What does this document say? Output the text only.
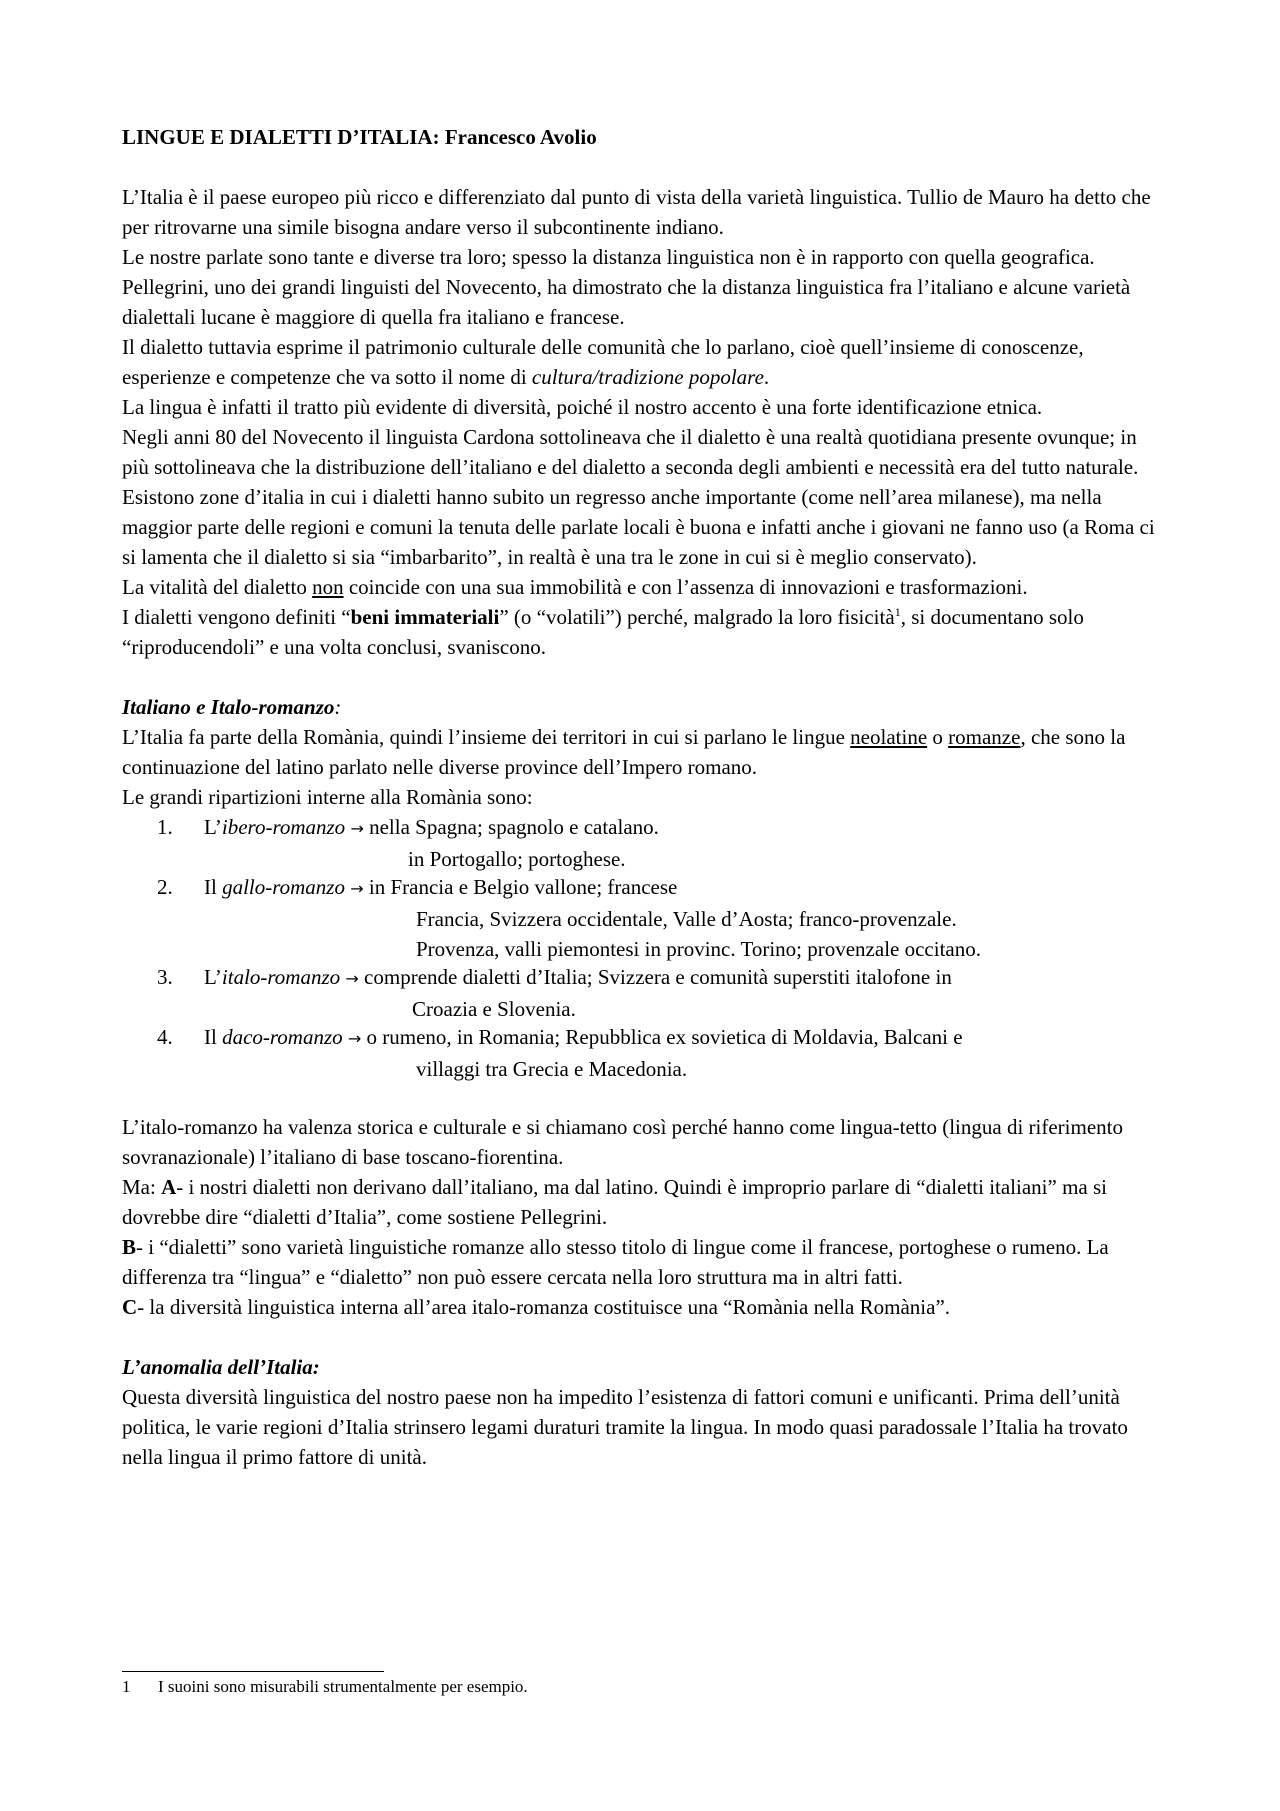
LINGUE E DIALETTI D’ITALIA: Francesco Avolio

L’Italia è il paese europeo più ricco e differenziato dal punto di vista della varietà linguistica. Tullio de Mauro ha detto che per ritrovarne una simile bisogna andare verso il subcontinente indiano.

Le nostre parlate sono tante e diverse tra loro; spesso la distanza linguistica non è in rapporto con quella geografica. Pellegrini, uno dei grandi linguisti del Novecento, ha dimostrato che la distanza linguistica fra l’italiano e alcune varietà dialettali lucane è maggiore di quella fra italiano e francese.

Il dialetto tuttavia esprime il patrimonio culturale delle comunità che lo parlano, cioè quell’insieme di conoscenze, esperienze e competenze che va sotto il nome di cultura/tradizione popolare.

La lingua è infatti il tratto più evidente di diversità, poiché il nostro accento è una forte identificazione etnica.

Negli anni 80 del Novecento il linguista Cardona sottolineava che il dialetto è una realtà quotidiana presente ovunque; in più sottolineava che la distribuzione dell’italiano e del dialetto a seconda degli ambienti e necessità era del tutto naturale.

Esistono zone d’italia in cui i dialetti hanno subito un regresso anche importante (come nell’area milanese), ma nella maggior parte delle regioni e comuni la tenuta delle parlate locali è buona e infatti anche i giovani ne fanno uso (a Roma ci si lamenta che il dialetto si sia “imbarbarito”, in realtà è una tra le zone in cui si è meglio conservato).

La vitalità del dialetto non coincide con una sua immobilità e con l’assenza di innovazioni e trasformazioni.

I dialetti vengono definiti “beni immateriali” (o “volatili”) perché, malgrado la loro fisicità$^1$, si documentano solo “riproducendoli” e una volta conclusi, svaniscono.

Italiano e Italo-romanzo:

L’Italia fa parte della Romània, quindi l’insieme dei territori in cui si parlano le lingue neolatine o romanze, che sono la continuazione del latino parlato nelle diverse province dell’Impero romano.

Le grandi ripartizioni interne alla Romània sono:

1.	L’ibero-romanzo → nella Spagna; spagnolo e catalano.
in Portogallo; portoghese.
2.	Il gallo-romanzo → in Francia e Belgio vallone; francese
Francia, Svizzera occidentale, Valle d’Aosta; franco-provenzale.
Provenza, valli piemontesi in provinc. Torino; provenzale occitano.
3.	L’italo-romanzo → comprende dialetti d’Italia; Svizzera e comunità superstiti italofone in
Croazia e Slovenia.
4.	Il daco-romanzo → o rumeno, in Romania; Repubblica ex sovietica di Moldavia, Balcani e
villaggi tra Grecia e Macedonia.

L’italo-romanzo ha valenza storica e culturale e si chiamano così perché hanno come lingua-tetto (lingua di riferimento sovranazionale) l’italiano di base toscano-fiorentina.

Ma: A- i nostri dialetti non derivano dall’italiano, ma dal latino. Quindi è improprio parlare di “dialetti italiani” ma si dovrebbe dire “dialetti d’Italia”, come sostiene Pellegrini.

B- i “dialetti” sono varietà linguistiche romanze allo stesso titolo di lingue come il francese, portoghese o rumeno. La differenza tra “lingua” e “dialetto” non può essere cercata nella loro struttura ma in altri fatti.

C- la diversità linguistica interna all’area italo-romanza costituisce una “Romània nella Romània”.

L’anomalia dell’Italia:

Questa diversità linguistica del nostro paese non ha impedito l’esistenza di fattori comuni e unificanti. Prima dell’unità politica, le varie regioni d’Italia strinsero legami duraturi tramite la lingua. In modo quasi paradossale l’Italia ha trovato nella lingua il primo fattore di unità.

1 I suoini sono misurabili strumentalmente per esempio.
